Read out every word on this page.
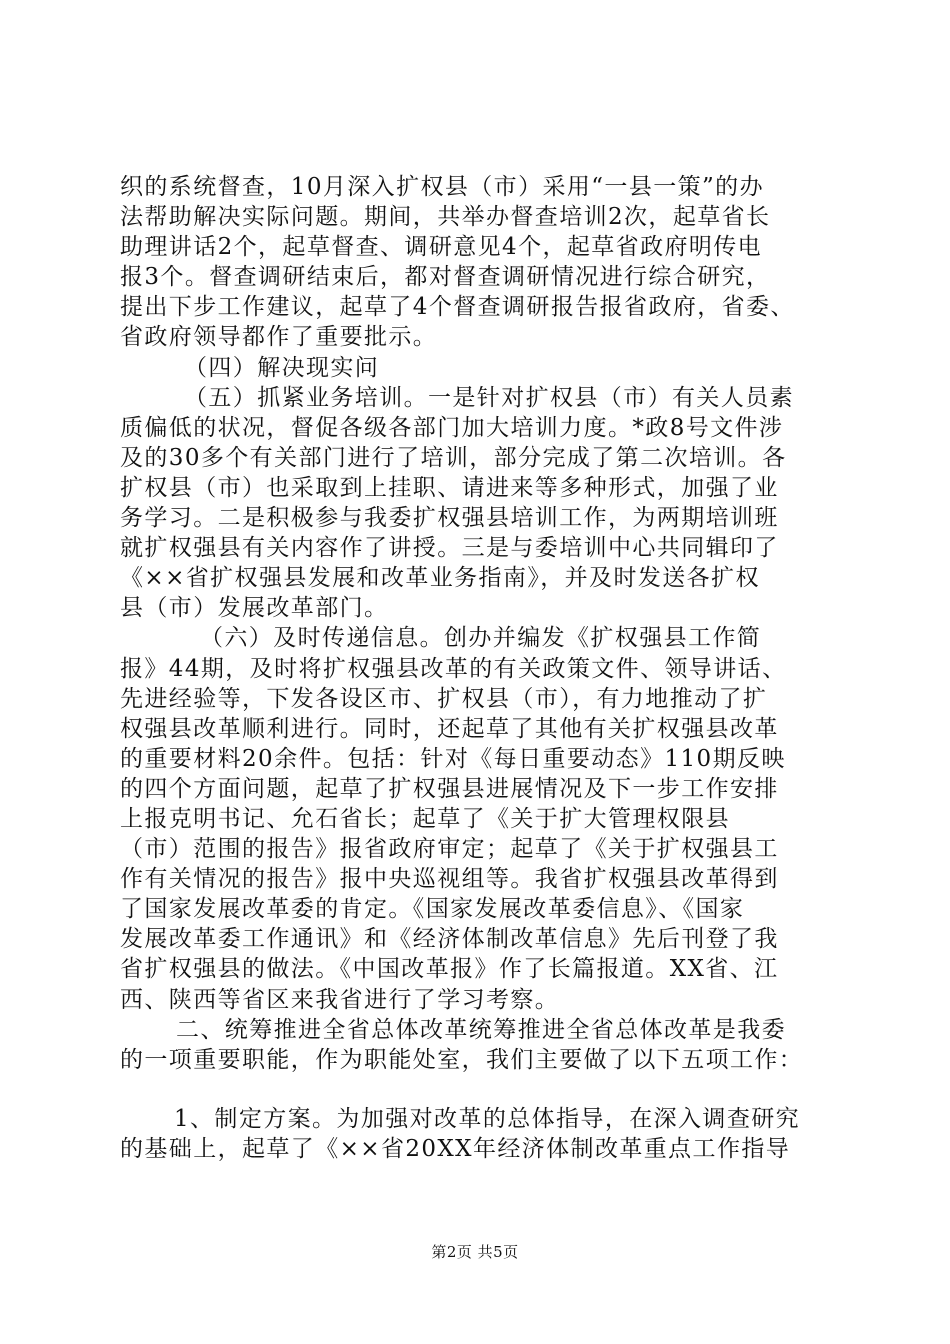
织的系统督查，10月深入扩权县（市）采用“一县一策”的办
法帮助解决实际问题。期间，共举办督查培训2次，起草省长
助理讲话2个，起草督查、调研意见4个，起草省政府明传电
报3个。督查调研结束后，都对督查调研情况进行综合研究，
提出下步工作建议，起草了4个督查调研报告报省政府，省委、
省政府领导都作了重要批示。
（四）解决现实问
（五）抓紧业务培训。一是针对扩权县（市）有关人员素
质偏低的状况，督促各级各部门加大培训力度。*政8号文件涉
及的30多个有关部门进行了培训，部分完成了第二次培训。各
扩权县（市）也采取到上挂职、请进来等多种形式，加强了业
务学习。二是积极参与我委扩权强县培训工作，为两期培训班
就扩权强县有关内容作了讲授。三是与委培训中心共同辑印了
《××省扩权强县发展和改革业务指南》，并及时发送各扩权
县（市）发展改革部门。
（六）及时传递信息。创办并编发《扩权强县工作简
报》44期，及时将扩权强县改革的有关政策文件、领导讲话、
先进经验等，下发各设区市、扩权县（市），有力地推动了扩
权强县改革顺利进行。同时，还起草了其他有关扩权强县改革
的重要材料20余件。包括：针对《每日重要动态》110期反映
的四个方面问题，起草了扩权强县进展情况及下一步工作安排
上报克明书记、允石省长；起草了《关于扩大管理权限县
（市）范围的报告》报省政府审定；起草了《关于扩权强县工
作有关情况的报告》报中央巡视组等。我省扩权强县改革得到
了国家发展改革委的肯定。《国家发展改革委信息》、《国家
发展改革委工作通讯》和《经济体制改革信息》先后刊登了我
省扩权强县的做法。《中国改革报》作了长篇报道。XX省、江
西、陕西等省区来我省进行了学习考察。
二、统筹推进全省总体改革统筹推进全省总体改革是我委
的一项重要职能，作为职能处室，我们主要做了以下五项工作：
1、制定方案。为加强对改革的总体指导，在深入调查研究
的基础上，起草了《××省20XX年经济体制改革重点工作指导
第2页 共5页
